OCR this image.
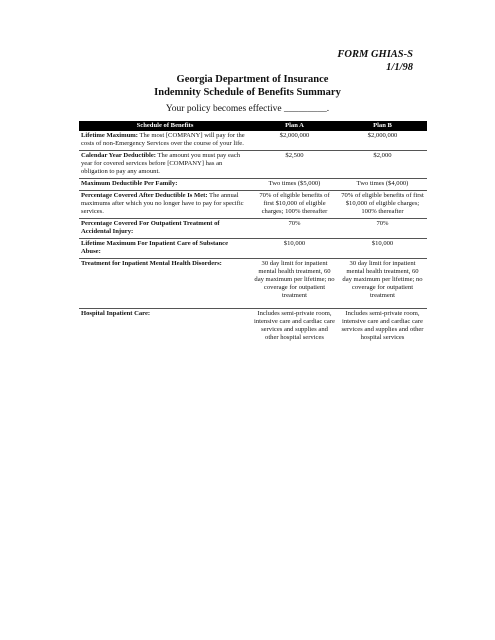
FORM GHIAS-S
1/1/98
Georgia Department of Insurance
Indemnity Schedule of Benefits Summary
Your policy becomes effective _________.
Schedule of Benefits	Plan A	Plan B
Lifetime Maximum: The most [COMPANY] will pay for the costs of non-Emergency Services over the course of your life.	$2,000,000	$2,000,000
Calendar Year Deductible: The amount you must pay each year for covered services before [COMPANY] has an obligation to pay any amount.	$2,500	$2,000
Maximum Deductible Per Family:	Two times ($5,000)	Two times ($4,000)
Percentage Covered After Deductible Is Met: The annual maximums after which you no longer have to pay for specific services.	70% of eligible benefits of first $10,000 of eligible charges; 100% thereafter	70% of eligible benefits of first $10,000 of eligible charges; 100% thereafter
Percentage Covered For Outpatient Treatment of Accidental Injury:	70%	70%
Lifetime Maximum For Inpatient Care of Substance Abuse:	$10,000	$10,000
Treatment for Inpatient Mental Health Disorders:	30 day limit for inpatient mental health treatment, 60 day maximum per lifetime; no coverage for outpatient treatment	30 day limit for inpatient mental health treatment, 60 day maximum per lifetime; no coverage for outpatient treatment
Hospital Inpatient Care:	Includes semi-private room, intensive care and cardiac care services and supplies and other hospital services	Includes semi-private room, intensive care and cardiac care services and supplies and other hospital services
